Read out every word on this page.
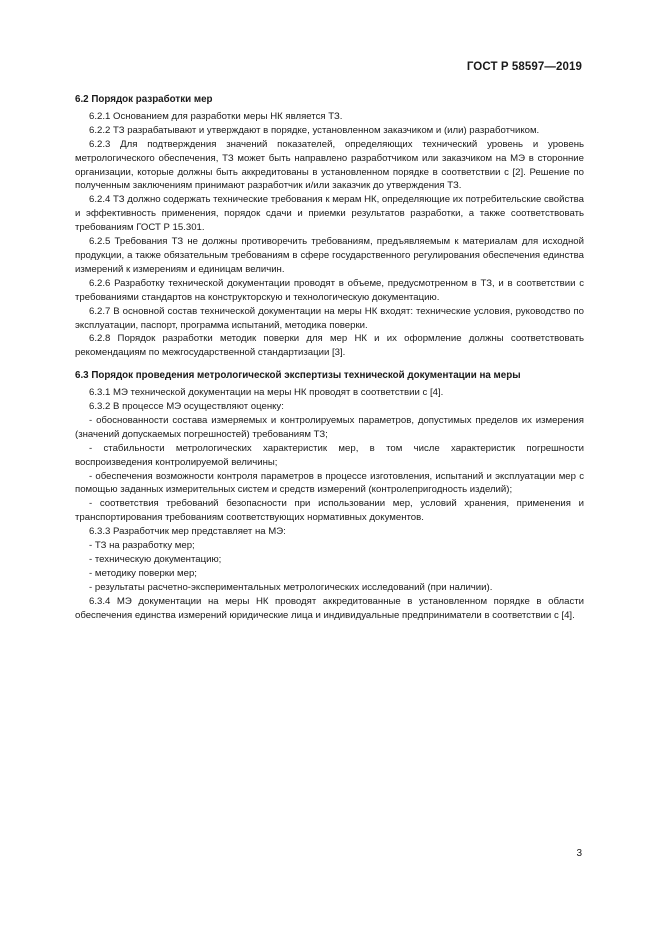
ГОСТ Р 58597—2019
6.2 Порядок разработки мер
6.2.1 Основанием для разработки меры НК является ТЗ.
6.2.2 ТЗ разрабатывают и утверждают в порядке, установленном заказчиком и (или) разработчиком.
6.2.3 Для подтверждения значений показателей, определяющих технический уровень и уровень метрологического обеспечения, ТЗ может быть направлено разработчиком или заказчиком на МЭ в сторонние организации, которые должны быть аккредитованы в установленном порядке в соответствии с [2]. Решение по полученным заключениям принимают разработчик и/или заказчик до утверждения ТЗ.
6.2.4 ТЗ должно содержать технические требования к мерам НК, определяющие их потребительские свойства и эффективность применения, порядок сдачи и приемки результатов разработки, а также соответствовать требованиям ГОСТ Р 15.301.
6.2.5 Требования ТЗ не должны противоречить требованиям, предъявляемым к материалам для исходной продукции, а также обязательным требованиям в сфере государственного регулирования обеспечения единства измерений к измерениям и единицам величин.
6.2.6 Разработку технической документации проводят в объеме, предусмотренном в ТЗ, и в соответствии с требованиями стандартов на конструкторскую и технологическую документацию.
6.2.7 В основной состав технической документации на меры НК входят: технические условия, руководство по эксплуатации, паспорт, программа испытаний, методика поверки.
6.2.8 Порядок разработки методик поверки для мер НК и их оформление должны соответствовать рекомендациям по межгосударственной стандартизации [3].
6.3 Порядок проведения метрологической экспертизы технической документации на меры
6.3.1 МЭ технической документации на меры НК проводят в соответствии с [4].
6.3.2 В процессе МЭ осуществляют оценку:
- обоснованности состава измеряемых и контролируемых параметров, допустимых пределов их измерения (значений допускаемых погрешностей) требованиям ТЗ;
- стабильности метрологических характеристик мер, в том числе характеристик погрешности воспроизведения контролируемой величины;
- обеспечения возможности контроля параметров в процессе изготовления, испытаний и эксплуатации мер с помощью заданных измерительных систем и средств измерений (контролепригодность изделий);
- соответствия требований безопасности при использовании мер, условий хранения, применения и транспортирования требованиям соответствующих нормативных документов.
6.3.3 Разработчик мер представляет на МЭ:
- ТЗ на разработку мер;
- техническую документацию;
- методику поверки мер;
- результаты расчетно-экспериментальных метрологических исследований (при наличии).
6.3.4 МЭ документации на меры НК проводят аккредитованные в установленном порядке в области обеспечения единства измерений юридические лица и индивидуальные предприниматели в соответствии с [4].
3
